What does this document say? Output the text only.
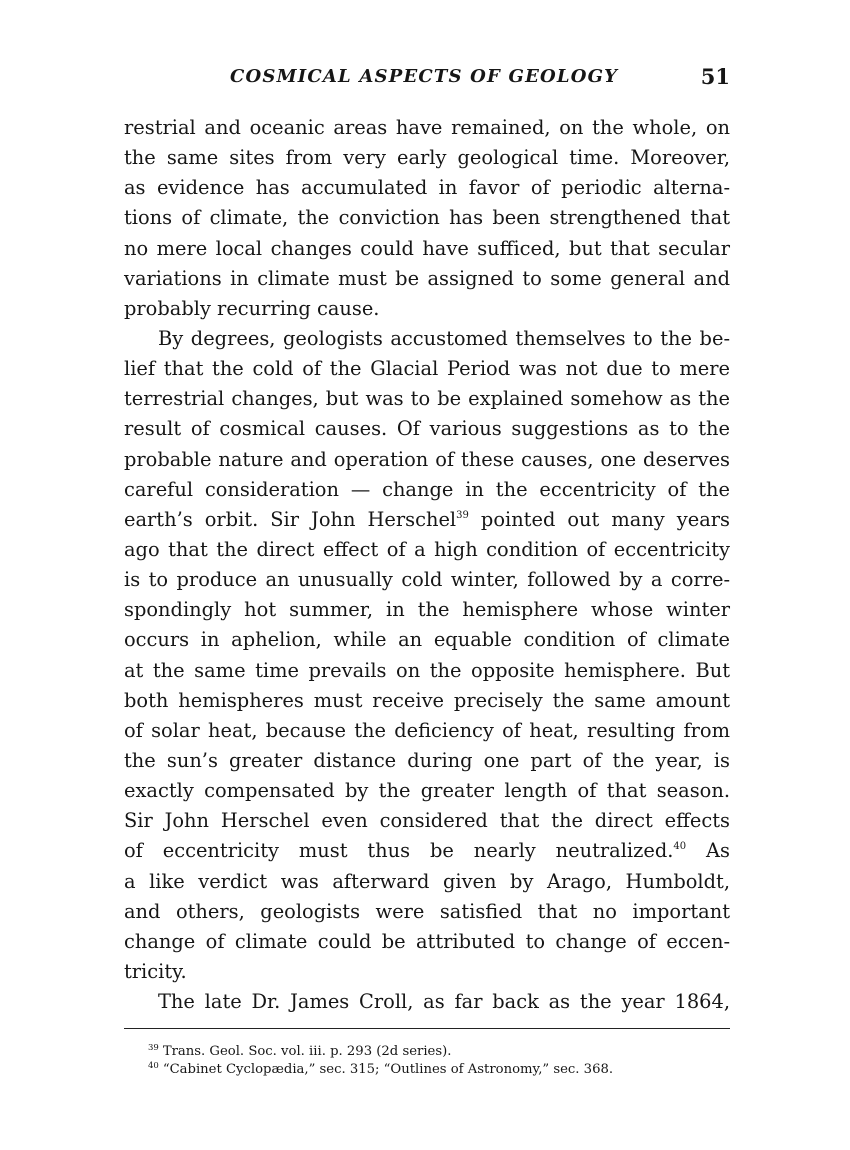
COSMICAL ASPECTS OF GEOLOGY	51

restrial and oceanic areas have remained, on the whole, on
the same sites from very early geological time. Moreover,
as evidence has accumulated in favor of periodic alterna-
tions of climate, the conviction has been strengthened that
no mere local changes could have sufficed, but that secular
variations in climate must be assigned to some general and
probably recurring cause.

By degrees, geologists accustomed themselves to the be-
lief that the cold of the Glacial Period was not due to mere
terrestrial changes, but was to be explained somehow as the
result of cosmical causes. Of various suggestions as to the
probable nature and operation of these causes, one deserves
careful consideration — change in the eccentricity of the
earth’s orbit. Sir John Herschel$^{39}$ pointed out many years
ago that the direct effect of a high condition of eccentricity
is to produce an unusually cold winter, followed by a corre-
spondingly hot summer, in the hemisphere whose winter
occurs in aphelion, while an equable condition of climate
at the same time prevails on the opposite hemisphere. But
both hemispheres must receive precisely the same amount
of solar heat, because the deficiency of heat, resulting from
the sun’s greater distance during one part of the year, is
exactly compensated by the greater length of that season.
Sir John Herschel even considered that the direct effects
of eccentricity must thus be nearly neutralized.$^{40}$ As
a like verdict was afterward given by Arago, Humboldt,
and others, geologists were satisfied that no important
change of climate could be attributed to change of eccen-
tricity.

The late Dr. James Croll, as far back as the year 1864,

$^{39}$ Trans. Geol. Soc. vol. iii. p. 293 (2d series).
$^{40}$ “Cabinet Cyclopædia,” sec. 315; “Outlines of Astronomy,” sec. 368.
